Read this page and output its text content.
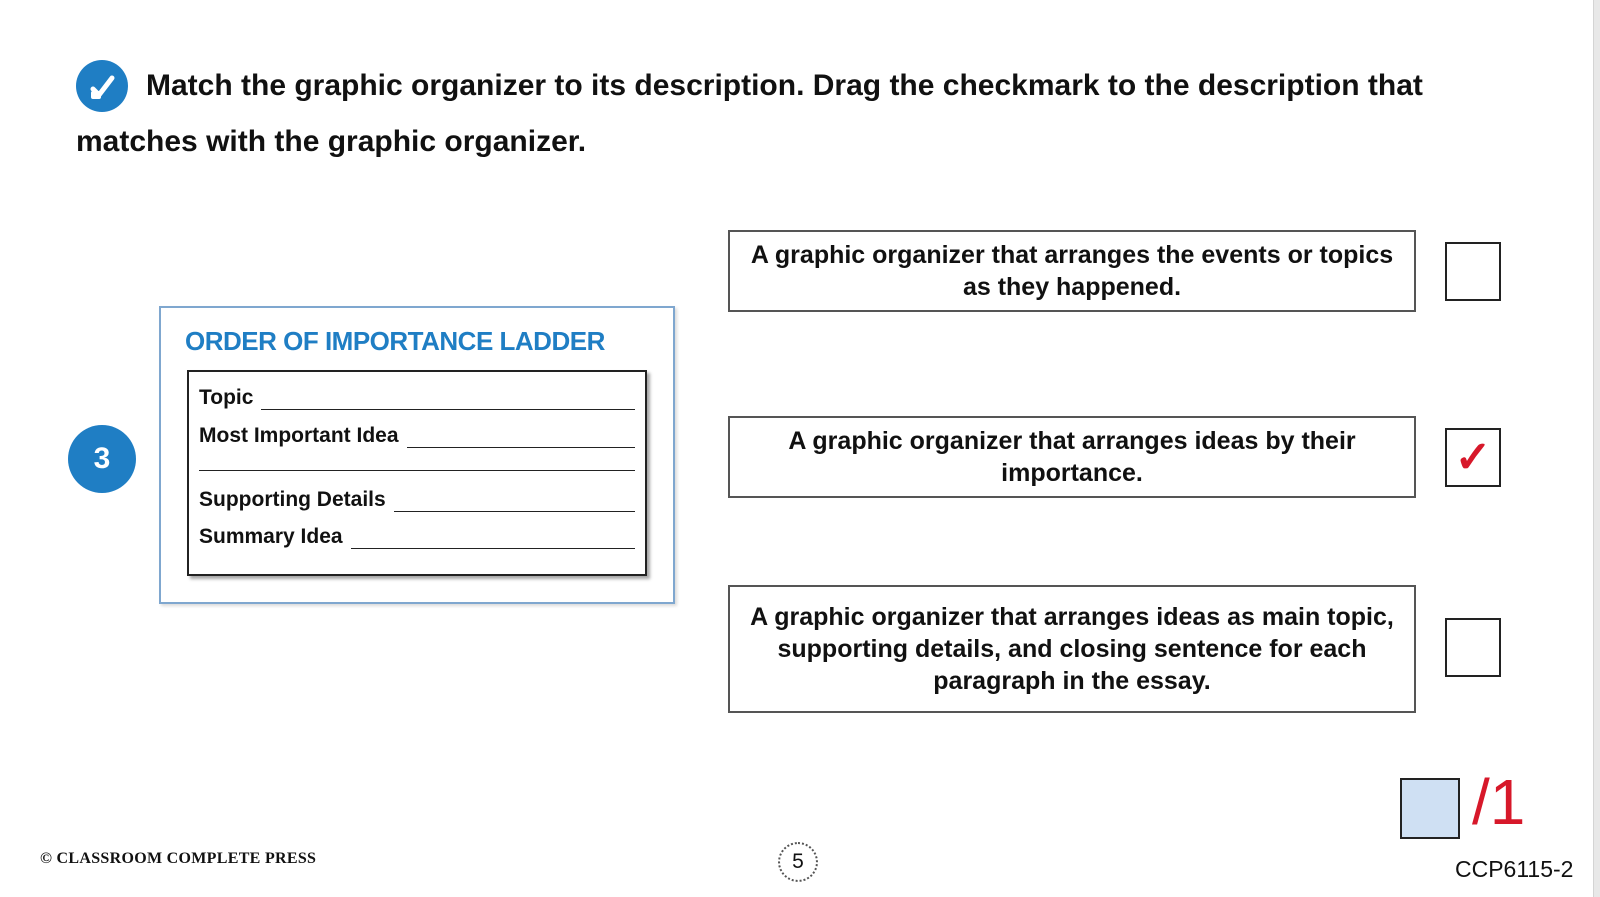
Match the graphic organizer to its description. Drag the checkmark to the description that matches with the graphic organizer.

3
ORDER OF IMPORTANCE LADDER
Topic
Most Important Idea
Supporting Details
Summary Idea
A graphic organizer that arranges the events or topics as they happened.
A graphic organizer that arranges ideas by their importance.	✓
A graphic organizer that arranges ideas as main topic, supporting details, and closing sentence for each paragraph in the essay.
/1
© CLASSROOM COMPLETE PRESS	5	CCP6115-2
